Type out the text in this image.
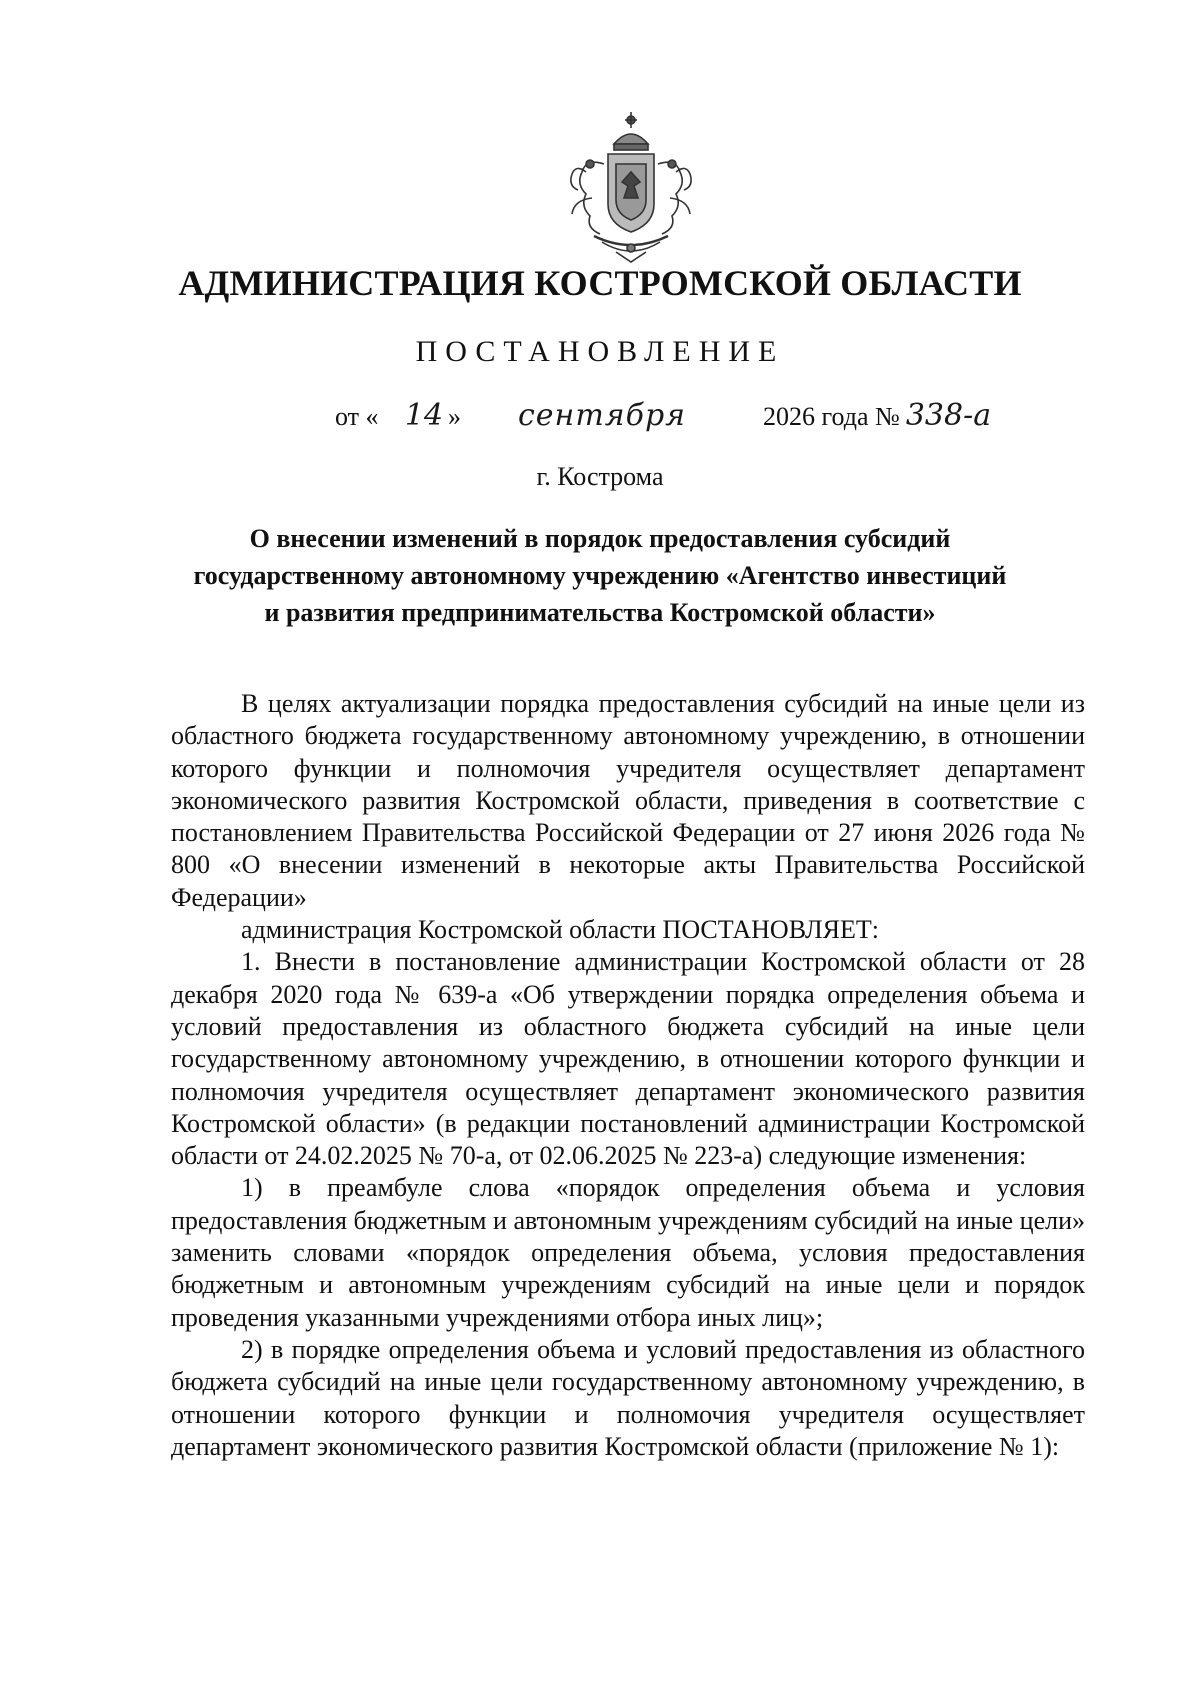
АДМИНИСТРАЦИЯ КОСТРОМСКОЙ ОБЛАСТИ
ПОСТАНОВЛЕНИЕ
от « 14 » сентября	2026 года № 338-а
г. Кострома
О внесении изменений в порядок предоставления субсидий
государственному автономному учреждению «Агентство инвестиций
и развития предпринимательства Костромской области»

В целях актуализации порядка предоставления субсидий на иные цели из областного бюджета государственному автономному учреждению, в отношении которого функции и полномочия учредителя осуществляет департамент экономического развития Костромской области, приведения в соответствие с постановлением Правительства Российской Федерации от 27 июня 2026 года № 800 «О внесении изменений в некоторые акты Правительства Российской Федерации»

администрация Костромской области ПОСТАНОВЛЯЕТ:

1. Внести в постановление администрации Костромской области от 28 декабря 2020 года № 639-а «Об утверждении порядка определения объема и условий предоставления из областного бюджета субсидий на иные цели государственному автономному учреждению, в отношении которого функции и полномочия учредителя осуществляет департамент экономического развития Костромской области» (в редакции постановлений администрации Костромской области от 24.02.2025 № 70-а, от 02.06.2025 № 223-а) следующие изменения:

1) в преамбуле слова «порядок определения объема и условия предоставления бюджетным и автономным учреждениям субсидий на иные цели» заменить словами «порядок определения объема, условия предоставления бюджетным и автономным учреждениям субсидий на иные цели и порядок проведения указанными учреждениями отбора иных лиц»;

2) в порядке определения объема и условий предоставления из областного бюджета субсидий на иные цели государственному автономному учреждению, в отношении которого функции и полномочия учредителя осуществляет департамент экономического развития Костромской области (приложение № 1):
